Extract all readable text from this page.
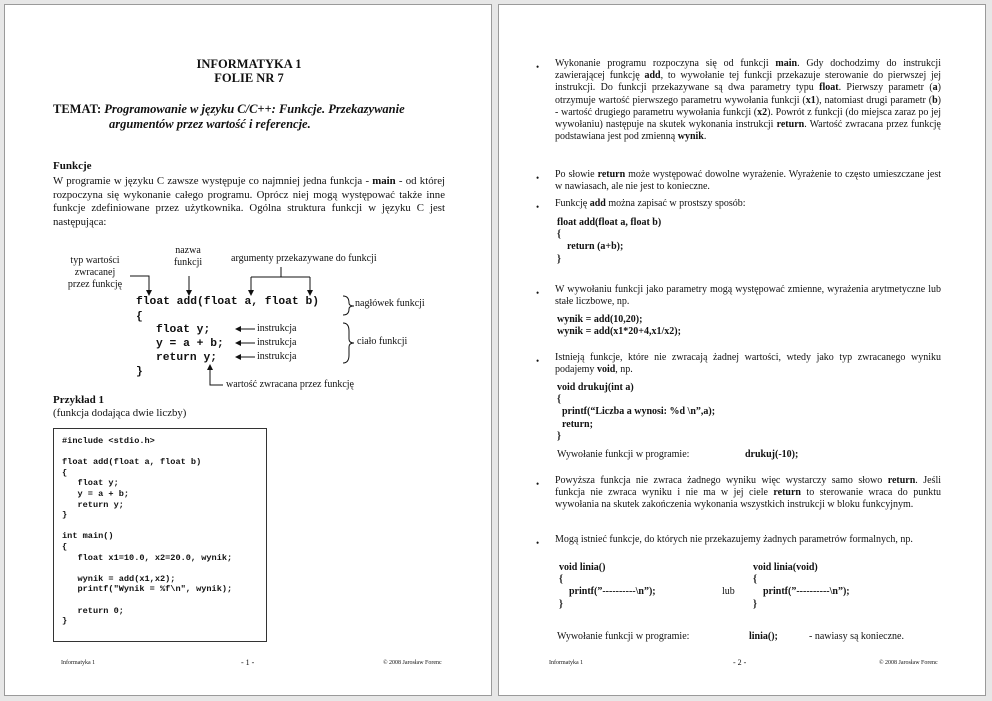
INFORMATYKA 1
FOLIE NR 7
TEMAT: Programowanie w języku C/C++: Funkcje. Przekazywanie
argumentów przez wartość i referencje.
Funkcje
W programie w języku C zawsze występuje co najmniej jedna funkcja - main - od której rozpoczyna się wykonanie całego programu. Oprócz niej mogą występować także inne funkcje zdefiniowane przez użytkownika. Ogólna struktura funkcji w języku C jest następująca:
typ wartości
zwracanej
przez funkcję
nazwa
funkcji	argumenty przekazywane do funkcji
float add(float a, float b)
{
float y;
y = a + b;
return y;
}
instrukcja
instrukcja
instrukcja
nagłówek funkcji
ciało funkcji
wartość zwracana przez funkcję
Przykład 1
(funkcja dodająca dwie liczby)
#include <stdio.h>

float add(float a, float b)
{
float y;
y = a + b;
return y;
}

int main()
{
float x1=10.0, x2=20.0, wynik;

wynik = add(x1,x2);
printf("Wynik = %f\n", wynik);

return 0;
}
Informatyka 1	- 1 -	© 2008 Jarosław Forenc
• Wykonanie programu rozpoczyna się od funkcji main. Gdy dochodzimy do instrukcji zawierającej funkcję add, to wywołanie tej funkcji przekazuje sterowanie do pierwszej jej instrukcji. Do funkcji przekazywane są dwa parametry typu float. Pierwszy parametr (a) otrzymuje wartość pierwszego parametru wywołania funkcji (x1), natomiast drugi parametr (b) - wartość drugiego parametru wywołania funkcji (x2). Powrót z funkcji (do miejsca zaraz po jej wywołaniu) następuje na skutek wykonania instrukcji return. Wartość zwracana przez funkcję podstawiana jest pod zmienną wynik.
• Po słowie return może występować dowolne wyrażenie. Wyrażenie to często umieszczane jest w nawiasach, ale nie jest to konieczne.
• Funkcję add można zapisać w prostszy sposób:
float add(float a, float b)
{
return (a+b);
}
• W wywołaniu funkcji jako parametry mogą występować zmienne, wyrażenia arytmetyczne lub stałe liczbowe, np.
wynik = add(10,20);
wynik = add(x1*20+4,x1/x2);
• Istnieją funkcje, które nie zwracają żadnej wartości, wtedy jako typ zwracanego wyniku podajemy void, np.
void drukuj(int a)
{
printf(“Liczba a wynosi: %d \n”,a);
return;
}
Wywołanie funkcji w programie:	drukuj(-10);
• Powyższa funkcja nie zwraca żadnego wyniku więc wystarczy samo słowo return. Jeśli funkcja nie zwraca wyniku i nie ma w jej ciele return to sterowanie wraca do punktu wywołania na skutek zakończenia wykonania wszystkich instrukcji w bloku funkcyjnym.
• Mogą istnieć funkcje, do których nie przekazujemy żadnych parametrów formalnych, np.
void linia()
{
printf(”----------\n”);
}
lub
void linia(void)
{
printf(”----------\n”);
}
Wywołanie funkcji w programie:	linia();	- nawiasy są konieczne.
Informatyka 1	- 2 -	© 2008 Jarosław Forenc
